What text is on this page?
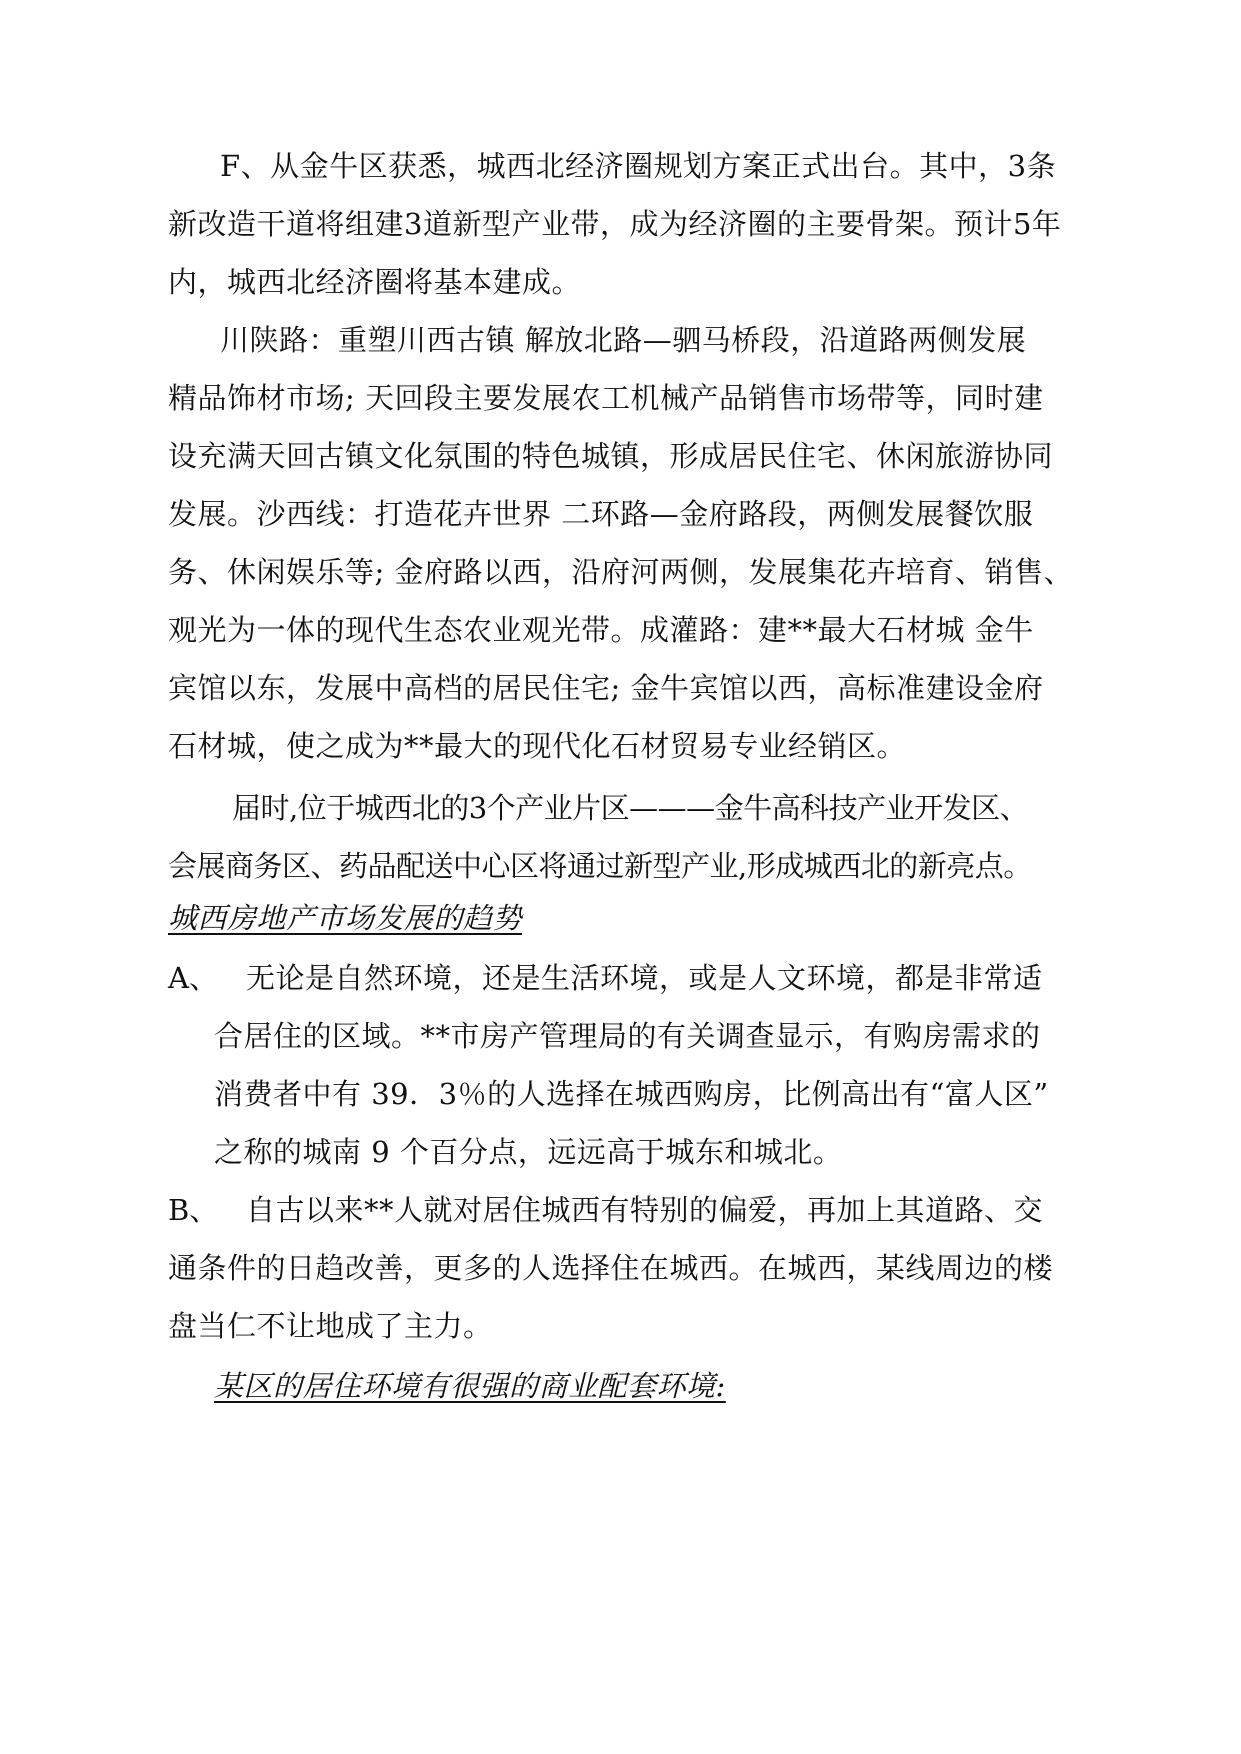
F、从金牛区获悉，城西北经济圈规划方案正式出台。其中，3条
新改造干道将组建3道新型产业带，成为经济圈的主要骨架。预计5年
内，城西北经济圈将基本建成。
川陕路：重塑川西古镇 解放北路—驷马桥段，沿道路两侧发展
精品饰材市场; 天回段主要发展农工机械产品销售市场带等，同时建
设充满天回古镇文化氛围的特色城镇，形成居民住宅、休闲旅游协同
发展。沙西线：打造花卉世界 二环路—金府路段，两侧发展餐饮服
务、休闲娱乐等; 金府路以西，沿府河两侧，发展集花卉培育、销售、
观光为一体的现代生态农业观光带。成灌路：建**最大石材城 金牛
宾馆以东，发展中高档的居民住宅; 金牛宾馆以西，高标准建设金府
石材城，使之成为**最大的现代化石材贸易专业经销区。
届时,位于城西北的3个产业片区———金牛高科技产业开发区、
会展商务区、药品配送中心区将通过新型产业,形成城西北的新亮点。
城西房地产市场发展的趋势
A、 无论是自然环境，还是生活环境，或是人文环境，都是非常适
合居住的区域。**市房产管理局的有关调查显示，有购房需求的
消费者中有 39．3％的人选择在城西购房，比例高出有“富人区”
之称的城南 9 个百分点，远远高于城东和城北。
B、 自古以来**人就对居住城西有特别的偏爱，再加上其道路、交
通条件的日趋改善，更多的人选择住在城西。在城西，某线周边的楼
盘当仁不让地成了主力。
某区的居住环境有很强的商业配套环境:
